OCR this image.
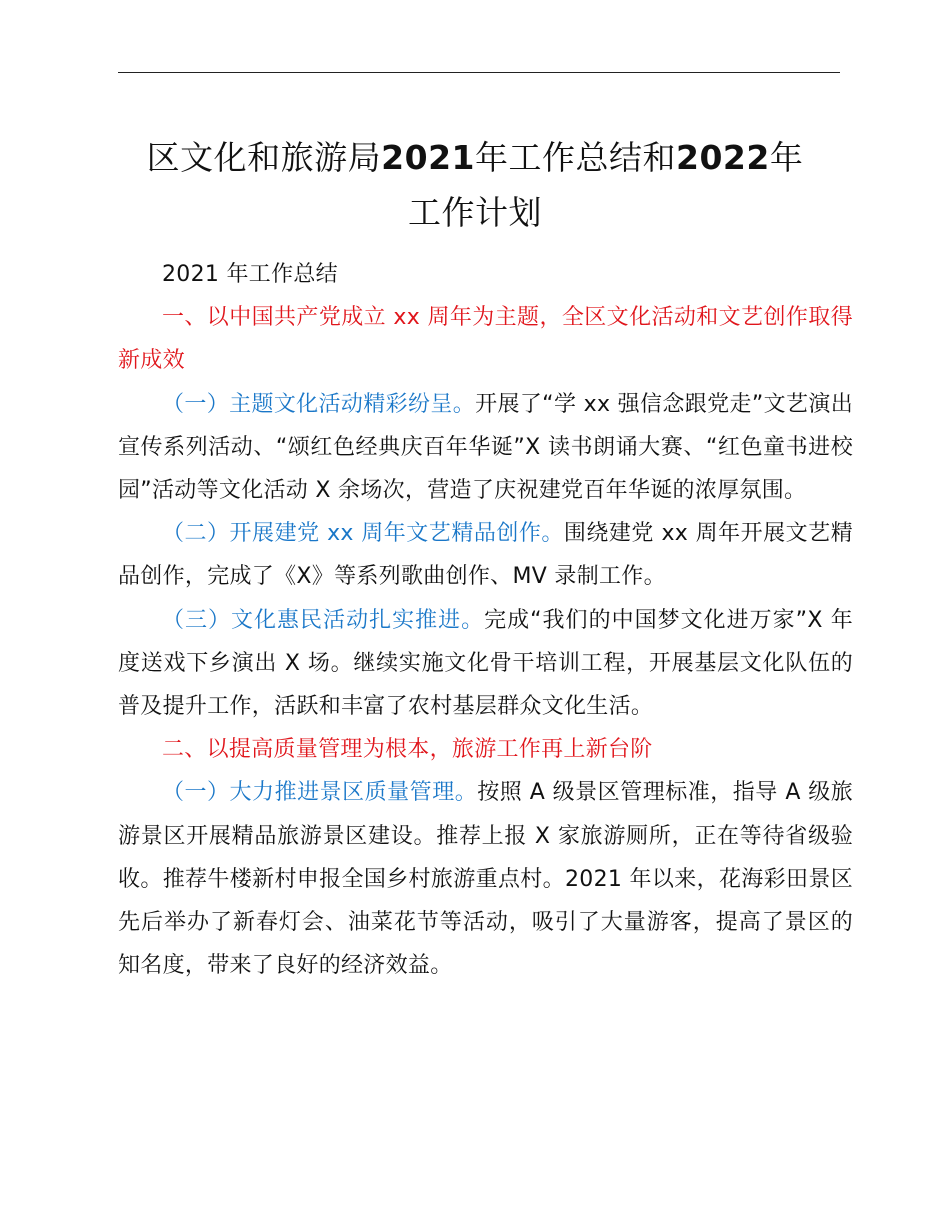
区文化和旅游局2021年工作总结和2022年
工作计划

2021 年工作总结

一、以中国共产党成立 xx 周年为主题，全区文化活动和文艺创作取得新成效

（一）主题文化活动精彩纷呈。开展了“学 xx 强信念跟党走”文艺演出宣传系列活动、“颂红色经典庆百年华诞”X 读书朗诵大赛、“红色童书进校园”活动等文化活动 X 余场次，营造了庆祝建党百年华诞的浓厚氛围。

（二）开展建党 xx 周年文艺精品创作。围绕建党 xx 周年开展文艺精品创作，完成了《X》等系列歌曲创作、MV 录制工作。

（三）文化惠民活动扎实推进。完成“我们的中国梦文化进万家”X 年度送戏下乡演出 X 场。继续实施文化骨干培训工程，开展基层文化队伍的普及提升工作，活跃和丰富了农村基层群众文化生活。

二、以提高质量管理为根本，旅游工作再上新台阶

（一）大力推进景区质量管理。按照 A 级景区管理标准，指导 A 级旅游景区开展精品旅游景区建设。推荐上报 X 家旅游厕所，正在等待省级验收。推荐牛楼新村申报全国乡村旅游重点村。2021 年以来，花海彩田景区先后举办了新春灯会、油菜花节等活动，吸引了大量游客，提高了景区的知名度，带来了良好的经济效益。
